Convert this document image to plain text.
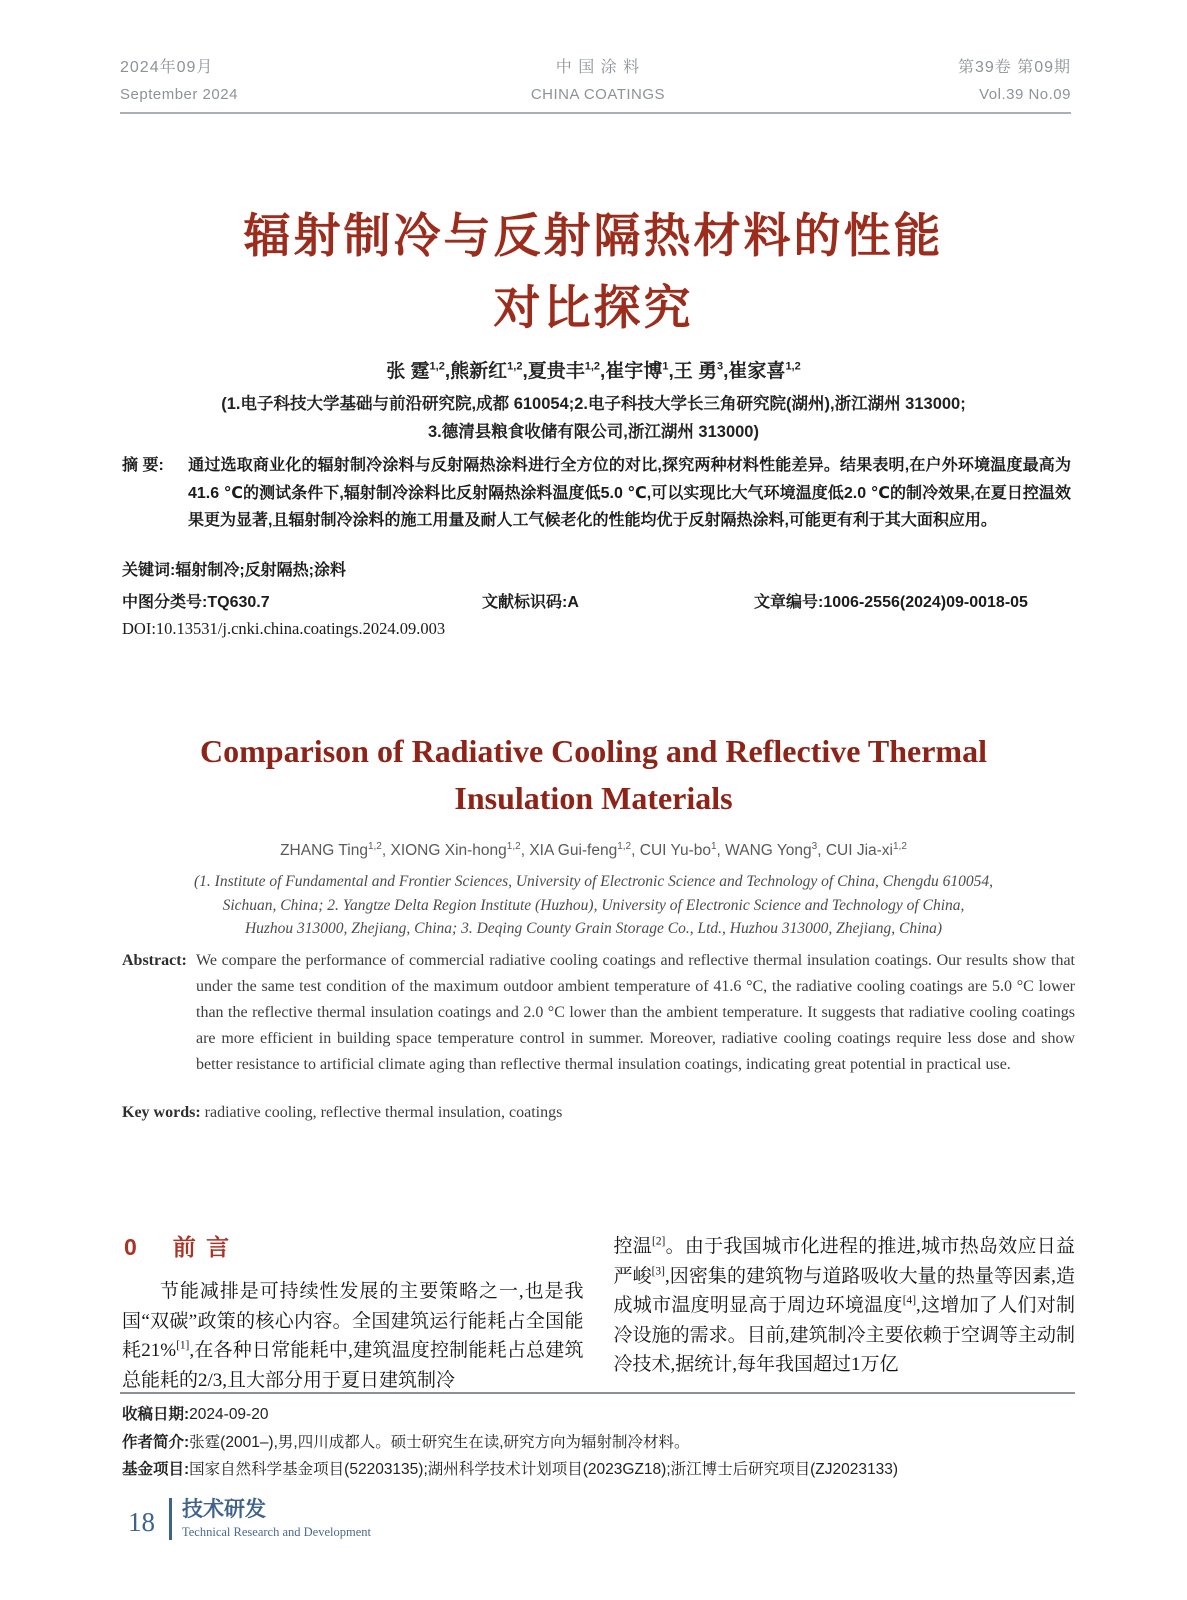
2024年09月
September 2024
中 国 涂 料
CHINA COATINGS
第39卷 第09期
Vol.39 No.09
辐射制冷与反射隔热材料的性能
对比探究
张 霆$^{1,2}$,熊新红$^{1,2}$,夏贵丰$^{1,2}$,崔宇博$^1$,王 勇$^3$,崔家喜$^{1,2}$
(1.电子科技大学基础与前沿研究院,成都 610054;2.电子科技大学长三角研究院(湖州),浙江湖州 313000;
3.德清县粮食收储有限公司,浙江湖州 313000)
摘 要: 通过选取商业化的辐射制冷涂料与反射隔热涂料进行全方位的对比,探究两种材料性能差异。结果表明,在户外环境温度最高为41.6 ℃的测试条件下,辐射制冷涂料比反射隔热涂料温度低5.0 ℃,可以实现比大气环境温度低2.0 ℃的制冷效果,在夏日控温效果更为显著,且辐射制冷涂料的施工用量及耐人工气候老化的性能均优于反射隔热涂料,可能更有利于其大面积应用。
关键词:辐射制冷;反射隔热;涂料
中图分类号:TQ630.7	文献标识码:A	文章编号:1006-2556(2024)09-0018-05
DOI:10.13531/j.cnki.china.coatings.2024.09.003
Comparison of Radiative Cooling and Reflective Thermal
Insulation Materials
ZHANG Ting$^{1,2}$, XIONG Xin-hong$^{1,2}$, XIA Gui-feng$^{1,2}$, CUI $Yu-bo^1$, WANG Yong$^3$, CUI Jia-xi$^{1,2}$
(1. Institute of Fundamental and Frontier Sciences, University of Electronic Science and Technology of China, Chengdu 610054,
Sichuan, China; 2. Yangtze Delta Region Institute (Huzhou), University of Electronic Science and Technology of China,
Huzhou 313000, Zhejiang, China; 3. Deqing County Grain Storage Co., Ltd., Huzhou 313000, Zhejiang, China)
Abstract: We compare the performance of commercial radiative cooling coatings and reflective thermal insulation coatings. Our results show that under the same test condition of the maximum outdoor ambient temperature of 41.6 °C, the radiative cooling coatings are 5.0 °C lower than the reflective thermal insulation coatings and 2.0 °C lower than the ambient temperature. It suggests that radiative cooling coatings are more efficient in building space temperature control in summer. Moreover, radiative cooling coatings require less dose and show better resistance to artificial climate aging than reflective thermal insulation coatings, indicating great potential in practical use.
Key words: radiative cooling, reflective thermal insulation, coatings
0 前 言

节能减排是可持续性发展的主要策略之一,也是我国“双碳”政策的核心内容。全国建筑运行能耗占全国能耗21%[1],在各种日常能耗中,建筑温度控制能耗占总建筑总能耗的2/3,且大部分用于夏日建筑制冷

控温[2]。由于我国城市化进程的推进,城市热岛效应日益严峻[3],因密集的建筑物与道路吸收大量的热量等因素,造成城市温度明显高于周边环境温度[4],这增加了人们对制冷设施的需求。目前,建筑制冷主要依赖于空调等主动制冷技术,据统计,每年我国超过1万亿

收稿日期:2024-09-20
作者简介:张霆(2001–),男,四川成都人。硕士研究生在读,研究方向为辐射制冷材料。
基金项目:国家自然科学基金项目(52203135);湖州科学技术计划项目(2023GZ18);浙江博士后研究项目(ZJ2023133)
18 技术研发
Technical Research and Development
